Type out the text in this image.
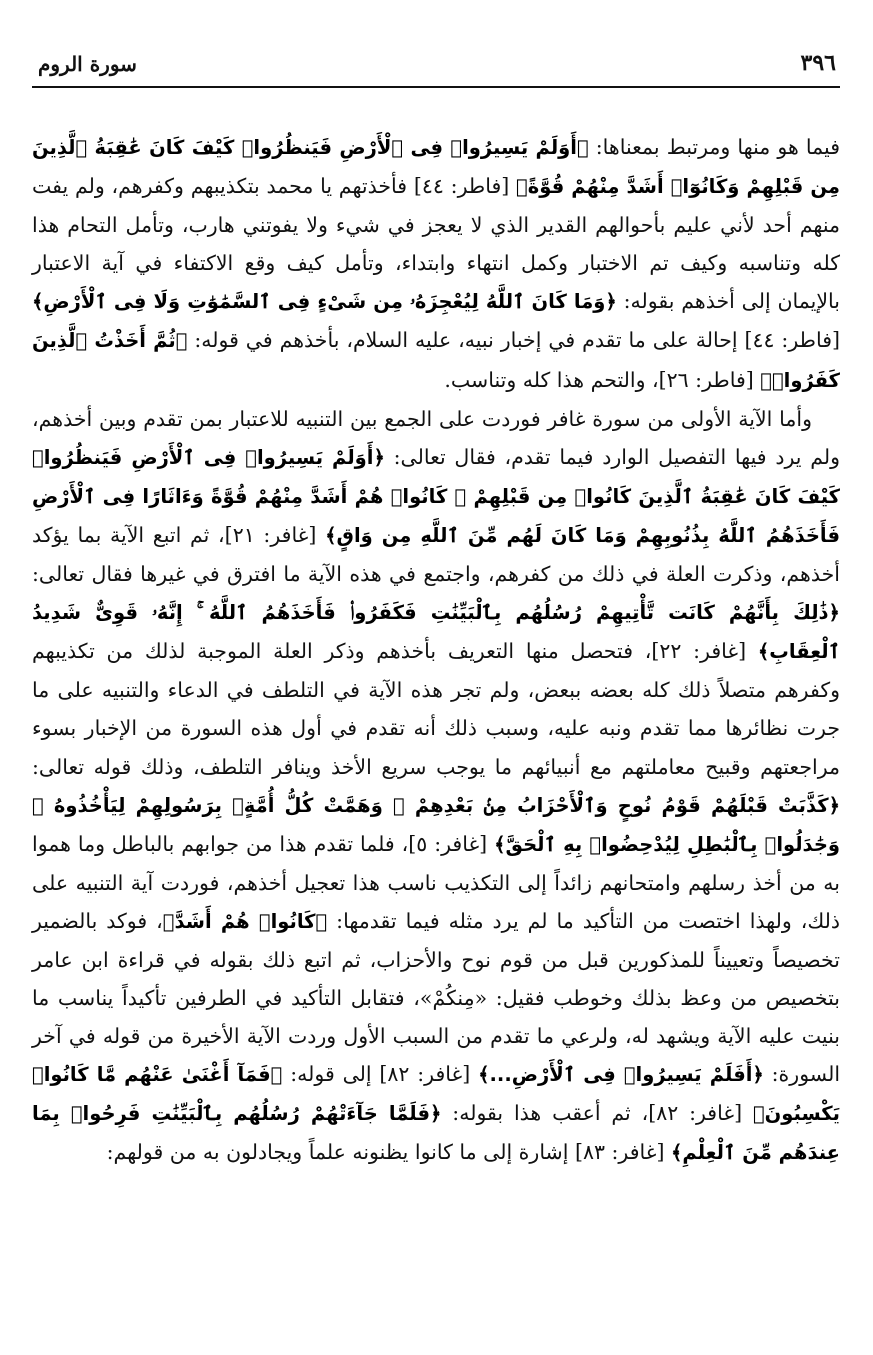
٣٩٦
سورة الروم

فيما هو منها ومرتبط بمعناها: ﴿أَوَلَمْ يَسِيرُوا۟ فِى ٱلْأَرْضِ فَيَنظُرُوا۟ كَيْفَ كَانَ عَٰقِبَةُ ٱلَّذِينَ مِن قَبْلِهِمْ وَكَانُوٓا۟ أَشَدَّ مِنْهُمْ قُوَّةً﴾ [فاطر: ٤٤] فأخذتهم يا محمد بتكذيبهم وكفرهم، ولم يفت منهم أحد لأني عليم بأحوالهم القدير الذي لا يعجز في شيء ولا يفوتني هارب، وتأمل التحام هذا كله وتناسبه وكيف تم الاختبار وكمل انتهاء وابتداء، وتأمل كيف وقع الاكتفاء في آية الاعتبار بالإيمان إلى أخذهم بقوله: ﴿وَمَا كَانَ ٱللَّهُ لِيُعْجِزَهُۥ مِن شَىْءٍ فِى ٱلسَّمَٰوَٰتِ وَلَا فِى ٱلْأَرْضِ﴾ [فاطر: ٤٤] إحالة على ما تقدم في إخبار نبيه، عليه السلام، بأخذهم في قوله: ﴿ثُمَّ أَخَذْتُ ٱلَّذِينَ كَفَرُوا۟﴾ [فاطر: ٢٦]، والتحم هذا كله وتناسب.

وأما الآية الأولى من سورة غافر فوردت على الجمع بين التنبيه للاعتبار بمن تقدم وبين أخذهم، ولم يرد فيها التفصيل الوارد فيما تقدم، فقال تعالى: ﴿أَوَلَمْ يَسِيرُوا۟ فِى ٱلْأَرْضِ فَيَنظُرُوا۟ كَيْفَ كَانَ عَٰقِبَةُ ٱلَّذِينَ كَانُوا۟ مِن قَبْلِهِمْ ۚ كَانُوا۟ هُمْ أَشَدَّ مِنْهُمْ قُوَّةً وَءَاثَارًا فِى ٱلْأَرْضِ فَأَخَذَهُمُ ٱللَّهُ بِذُنُوبِهِمْ وَمَا كَانَ لَهُم مِّنَ ٱللَّهِ مِن وَاقٍ﴾ [غافر: ٢١]، ثم اتبع الآية بما يؤكد أخذهم، وذكرت العلة في ذلك من كفرهم، واجتمع في هذه الآية ما افترق في غيرها فقال تعالى: ﴿ذَٰلِكَ بِأَنَّهُمْ كَانَت تَّأْتِيهِمْ رُسُلُهُم بِٱلْبَيِّنَٰتِ فَكَفَرُوا۟ فَأَخَذَهُمُ ٱللَّهُ ۚ إِنَّهُۥ قَوِىٌّ شَدِيدُ ٱلْعِقَابِ﴾ [غافر: ٢٢]، فتحصل منها التعريف بأخذهم وذكر العلة الموجبة لذلك من تكذيبهم وكفرهم متصلاً ذلك كله بعضه ببعض، ولم تجر هذه الآية في التلطف في الدعاء والتنبيه على ما جرت نظائرها مما تقدم ونبه عليه، وسبب ذلك أنه تقدم في أول هذه السورة من الإخبار بسوء مراجعتهم وقبيح معاملتهم مع أنبيائهم ما يوجب سريع الأخذ وينافر التلطف، وذلك قوله تعالى: ﴿كَذَّبَتْ قَبْلَهُمْ قَوْمُ نُوحٍ وَٱلْأَحْزَابُ مِنۢ بَعْدِهِمْ ۖ وَهَمَّتْ كُلُّ أُمَّةٍۭ بِرَسُولِهِمْ لِيَأْخُذُوهُ ۖ وَجَٰدَلُوا۟ بِٱلْبَٰطِلِ لِيُدْحِضُوا۟ بِهِ ٱلْحَقَّ﴾ [غافر: ٥]، فلما تقدم هذا من جوابهم بالباطل وما هموا به من أخذ رسلهم وامتحانهم زائداً إلى التكذيب ناسب هذا تعجيل أخذهم، فوردت آية التنبيه على ذلك، ولهذا اختصت من التأكيد ما لم يرد مثله فيما تقدمها: ﴿كَانُوا۟ هُمْ أَشَدَّ﴾، فوكد بالضمير تخصيصاً وتعييناً للمذكورين قبل من قوم نوح والأحزاب، ثم اتبع ذلك بقوله في قراءة ابن عامر بتخصيص من وعظ بذلك وخوطب فقيل: «مِنكُمْ»، فتقابل التأكيد في الطرفين تأكيداً يناسب ما بنيت عليه الآية ويشهد له، ولرعي ما تقدم من السبب الأول وردت الآية الأخيرة من قوله في آخر السورة: ﴿أَفَلَمْ يَسِيرُوا۟ فِى ٱلْأَرْضِ...﴾ [غافر: ٨٢] إلى قوله: ﴿فَمَآ أَغْنَىٰ عَنْهُم مَّا كَانُوا۟ يَكْسِبُونَ﴾ [غافر: ٨٢]، ثم أعقب هذا بقوله: ﴿فَلَمَّا جَآءَتْهُمْ رُسُلُهُم بِٱلْبَيِّنَٰتِ فَرِحُوا۟ بِمَا عِندَهُم مِّنَ ٱلْعِلْمِ﴾ [غافر: ٨٣] إشارة إلى ما كانوا يظنونه علماً ويجادلون به من قولهم:
